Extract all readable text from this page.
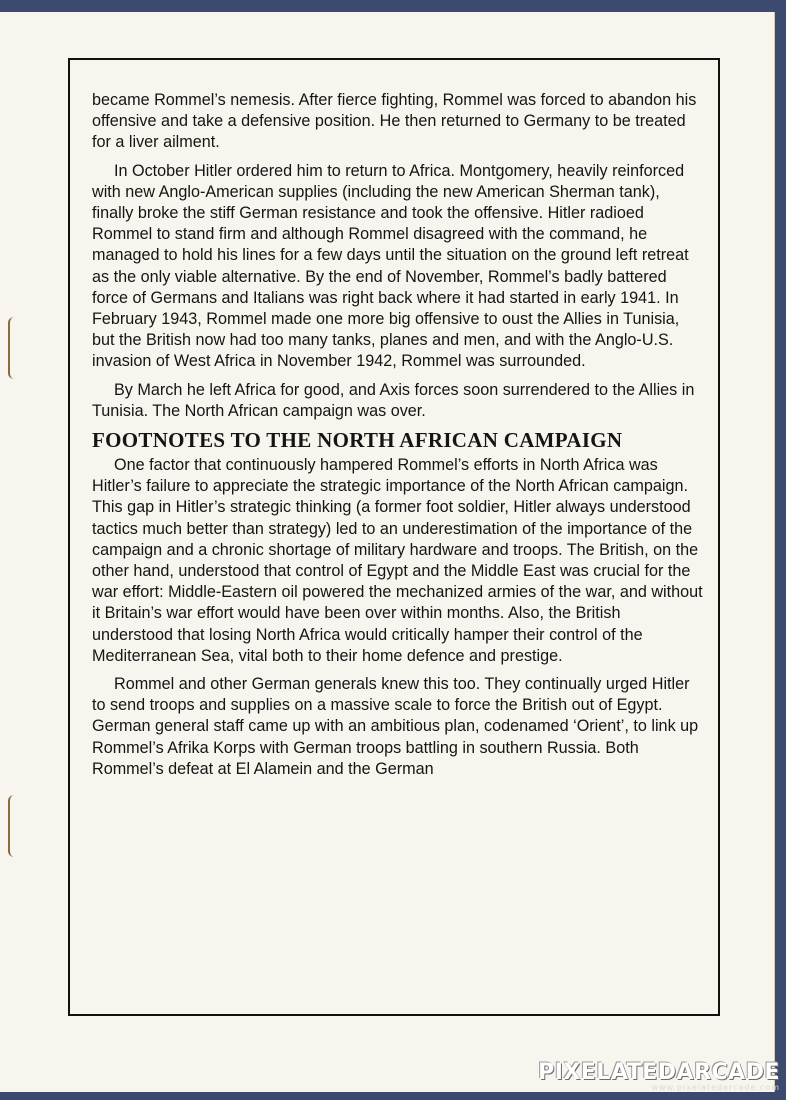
became Rommel’s nemesis. After fierce fighting, Rommel was forced to abandon his offensive and take a defensive position. He then returned to Germany to be treated for a liver ailment.

In October Hitler ordered him to return to Africa. Montgomery, heavily reinforced with new Anglo-American supplies (including the new American Sherman tank), finally broke the stiff German resistance and took the offensive. Hitler radioed Rommel to stand firm and although Rommel disagreed with the command, he managed to hold his lines for a few days until the situation on the ground left retreat as the only viable alternative. By the end of November, Rommel’s badly battered force of Germans and Italians was right back where it had started in early 1941. In February 1943, Rommel made one more big offensive to oust the Allies in Tunisia, but the British now had too many tanks, planes and men, and with the Anglo-U.S. invasion of West Africa in November 1942, Rommel was surrounded.

By March he left Africa for good, and Axis forces soon surrendered to the Allies in Tunisia. The North African campaign was over.

FOOTNOTES TO THE NORTH AFRICAN CAMPAIGN

One factor that continuously hampered Rommel’s efforts in North Africa was Hitler’s failure to appreciate the strategic importance of the North African campaign. This gap in Hitler’s strategic thinking (a former foot soldier, Hitler always understood tactics much better than strategy) led to an underestimation of the importance of the campaign and a chronic shortage of military hardware and troops. The British, on the other hand, understood that control of Egypt and the Middle East was crucial for the war effort: Middle-Eastern oil powered the mechanized armies of the war, and without it Britain’s war effort would have been over within months. Also, the British understood that losing North Africa would critically hamper their control of the Mediterranean Sea, vital both to their home defence and prestige.

Rommel and other German generals knew this too. They continually urged Hitler to send troops and supplies on a massive scale to force the British out of Egypt. German general staff came up with an ambitious plan, codenamed ‘Orient’, to link up Rommel’s Afrika Korps with German troops battling in southern Russia. Both Rommel’s defeat at El Alamein and the German

PIXELATEDARCADE
www.pixelatedarcade.com
